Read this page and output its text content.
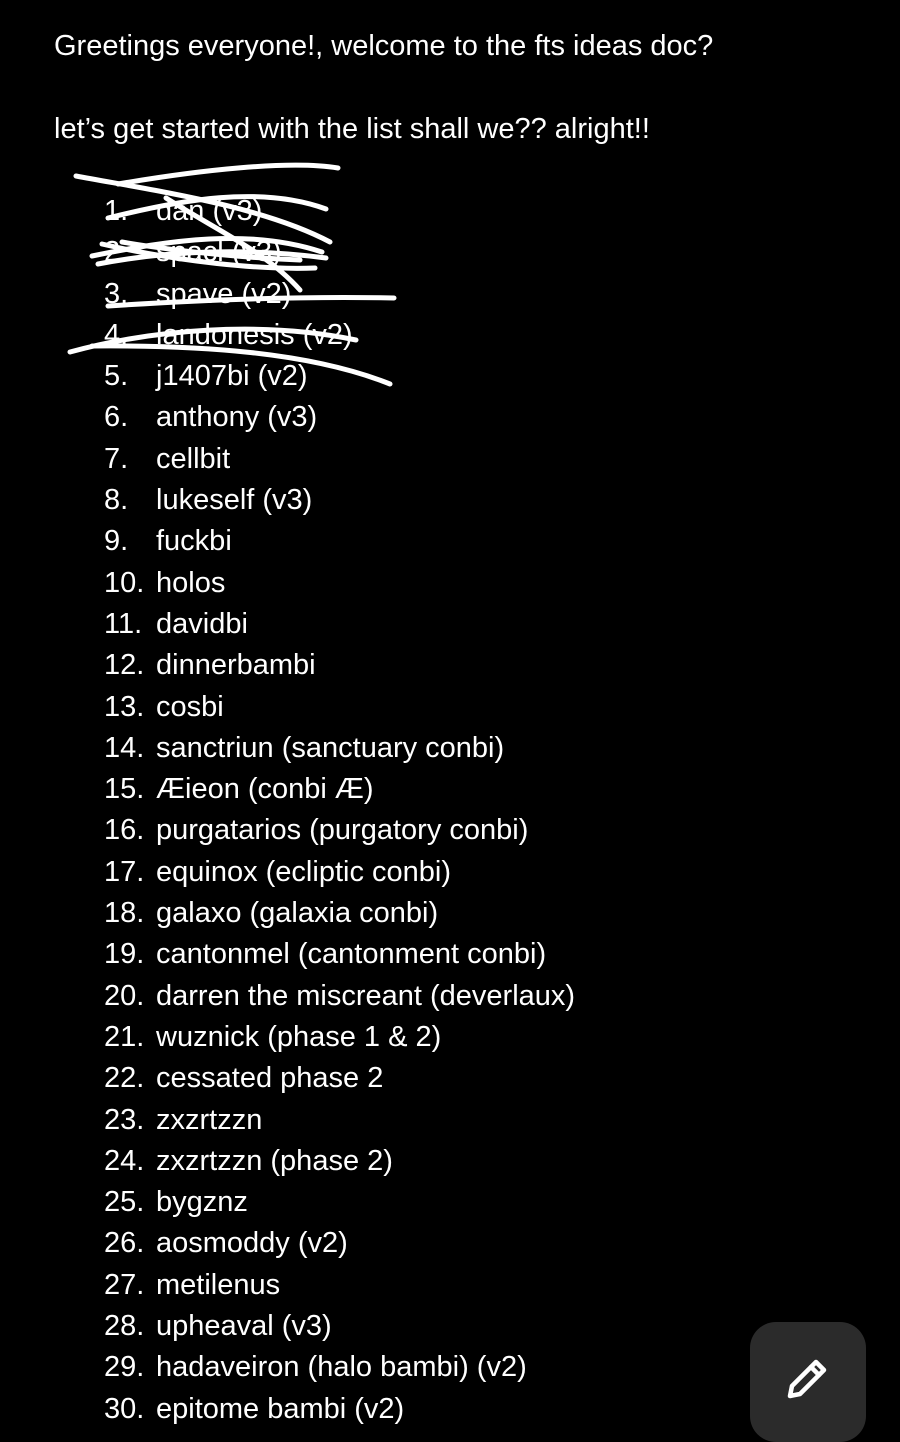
Greetings everyone!, welcome to the fts ideas doc?
let’s get started with the list shall we?? alright!!
1. dan (v3)
2. spacl (v3)
3. spave (v2)
4. landonesis (v2)
5. j1407bi (v2)
6. anthony (v3)
7. cellbit
8. lukeself (v3)
9. fuckbi
10. holos
11. davidbi
12. dinnerbambi
13. cosbi
14. sanctriun (sanctuary conbi)
15. Æieon (conbi Æ)
16. purgatarios (purgatory conbi)
17. equinox (ecliptic conbi)
18. galaxo (galaxia conbi)
19. cantonmel (cantonment conbi)
20. darren the miscreant (deverlaux)
21. wuznick (phase 1 & 2)
22. cessated phase 2
23. zxzrtzzn
24. zxzrtzzn (phase 2)
25. bygznz
26. aosmoddy (v2)
27. metilenus
28. upheaval (v3)
29. hadaveiron (halo bambi) (v2)
30. epitome bambi (v2)
